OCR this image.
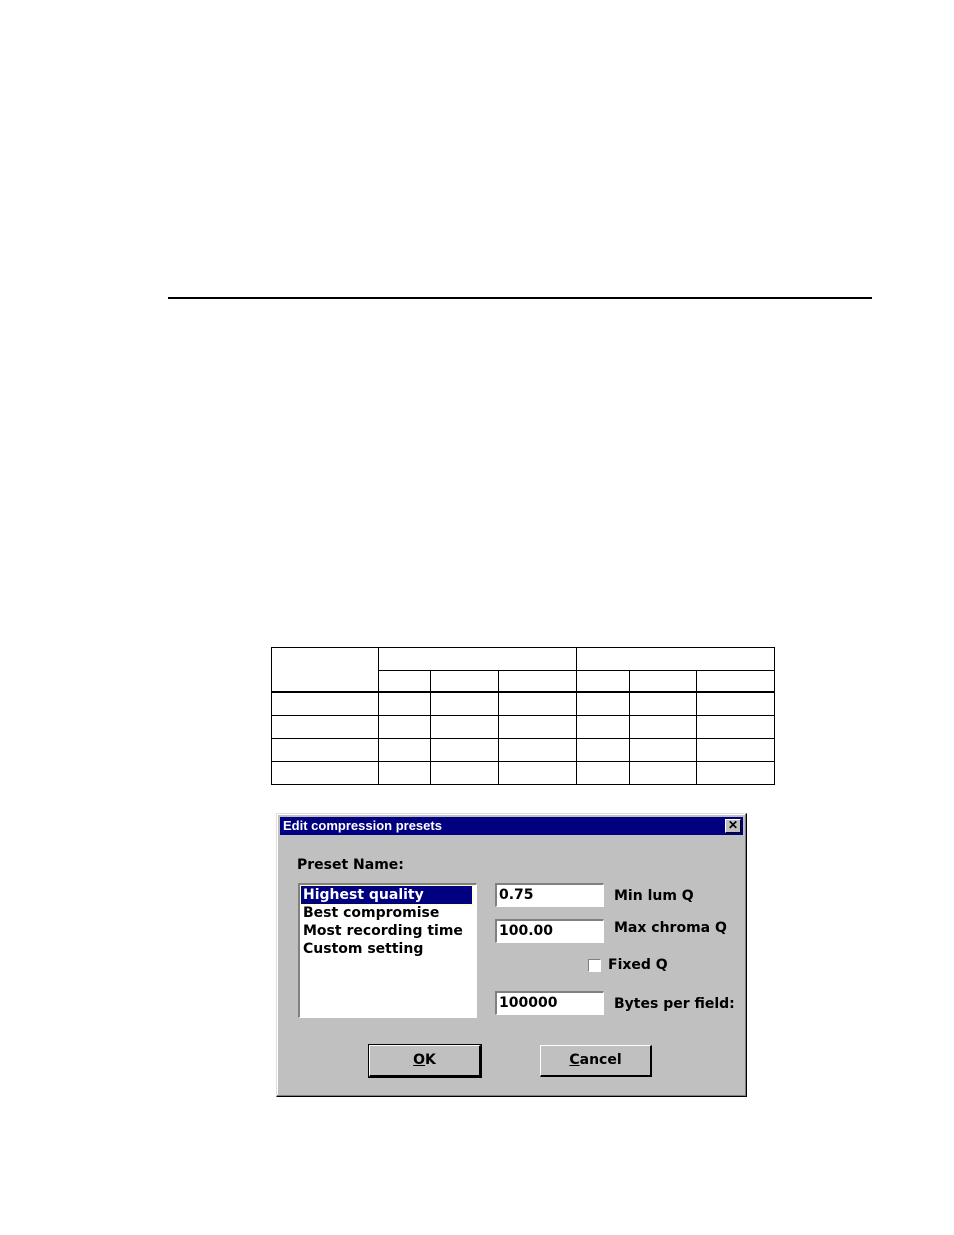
Edit compression presets	✕
Preset Name:
Highest quality
Best compromise
Most recording time
Custom setting
0.75	Min lum Q
100.00	Max chroma Q
Fixed Q
100000	Bytes per field:
OK	Cancel
